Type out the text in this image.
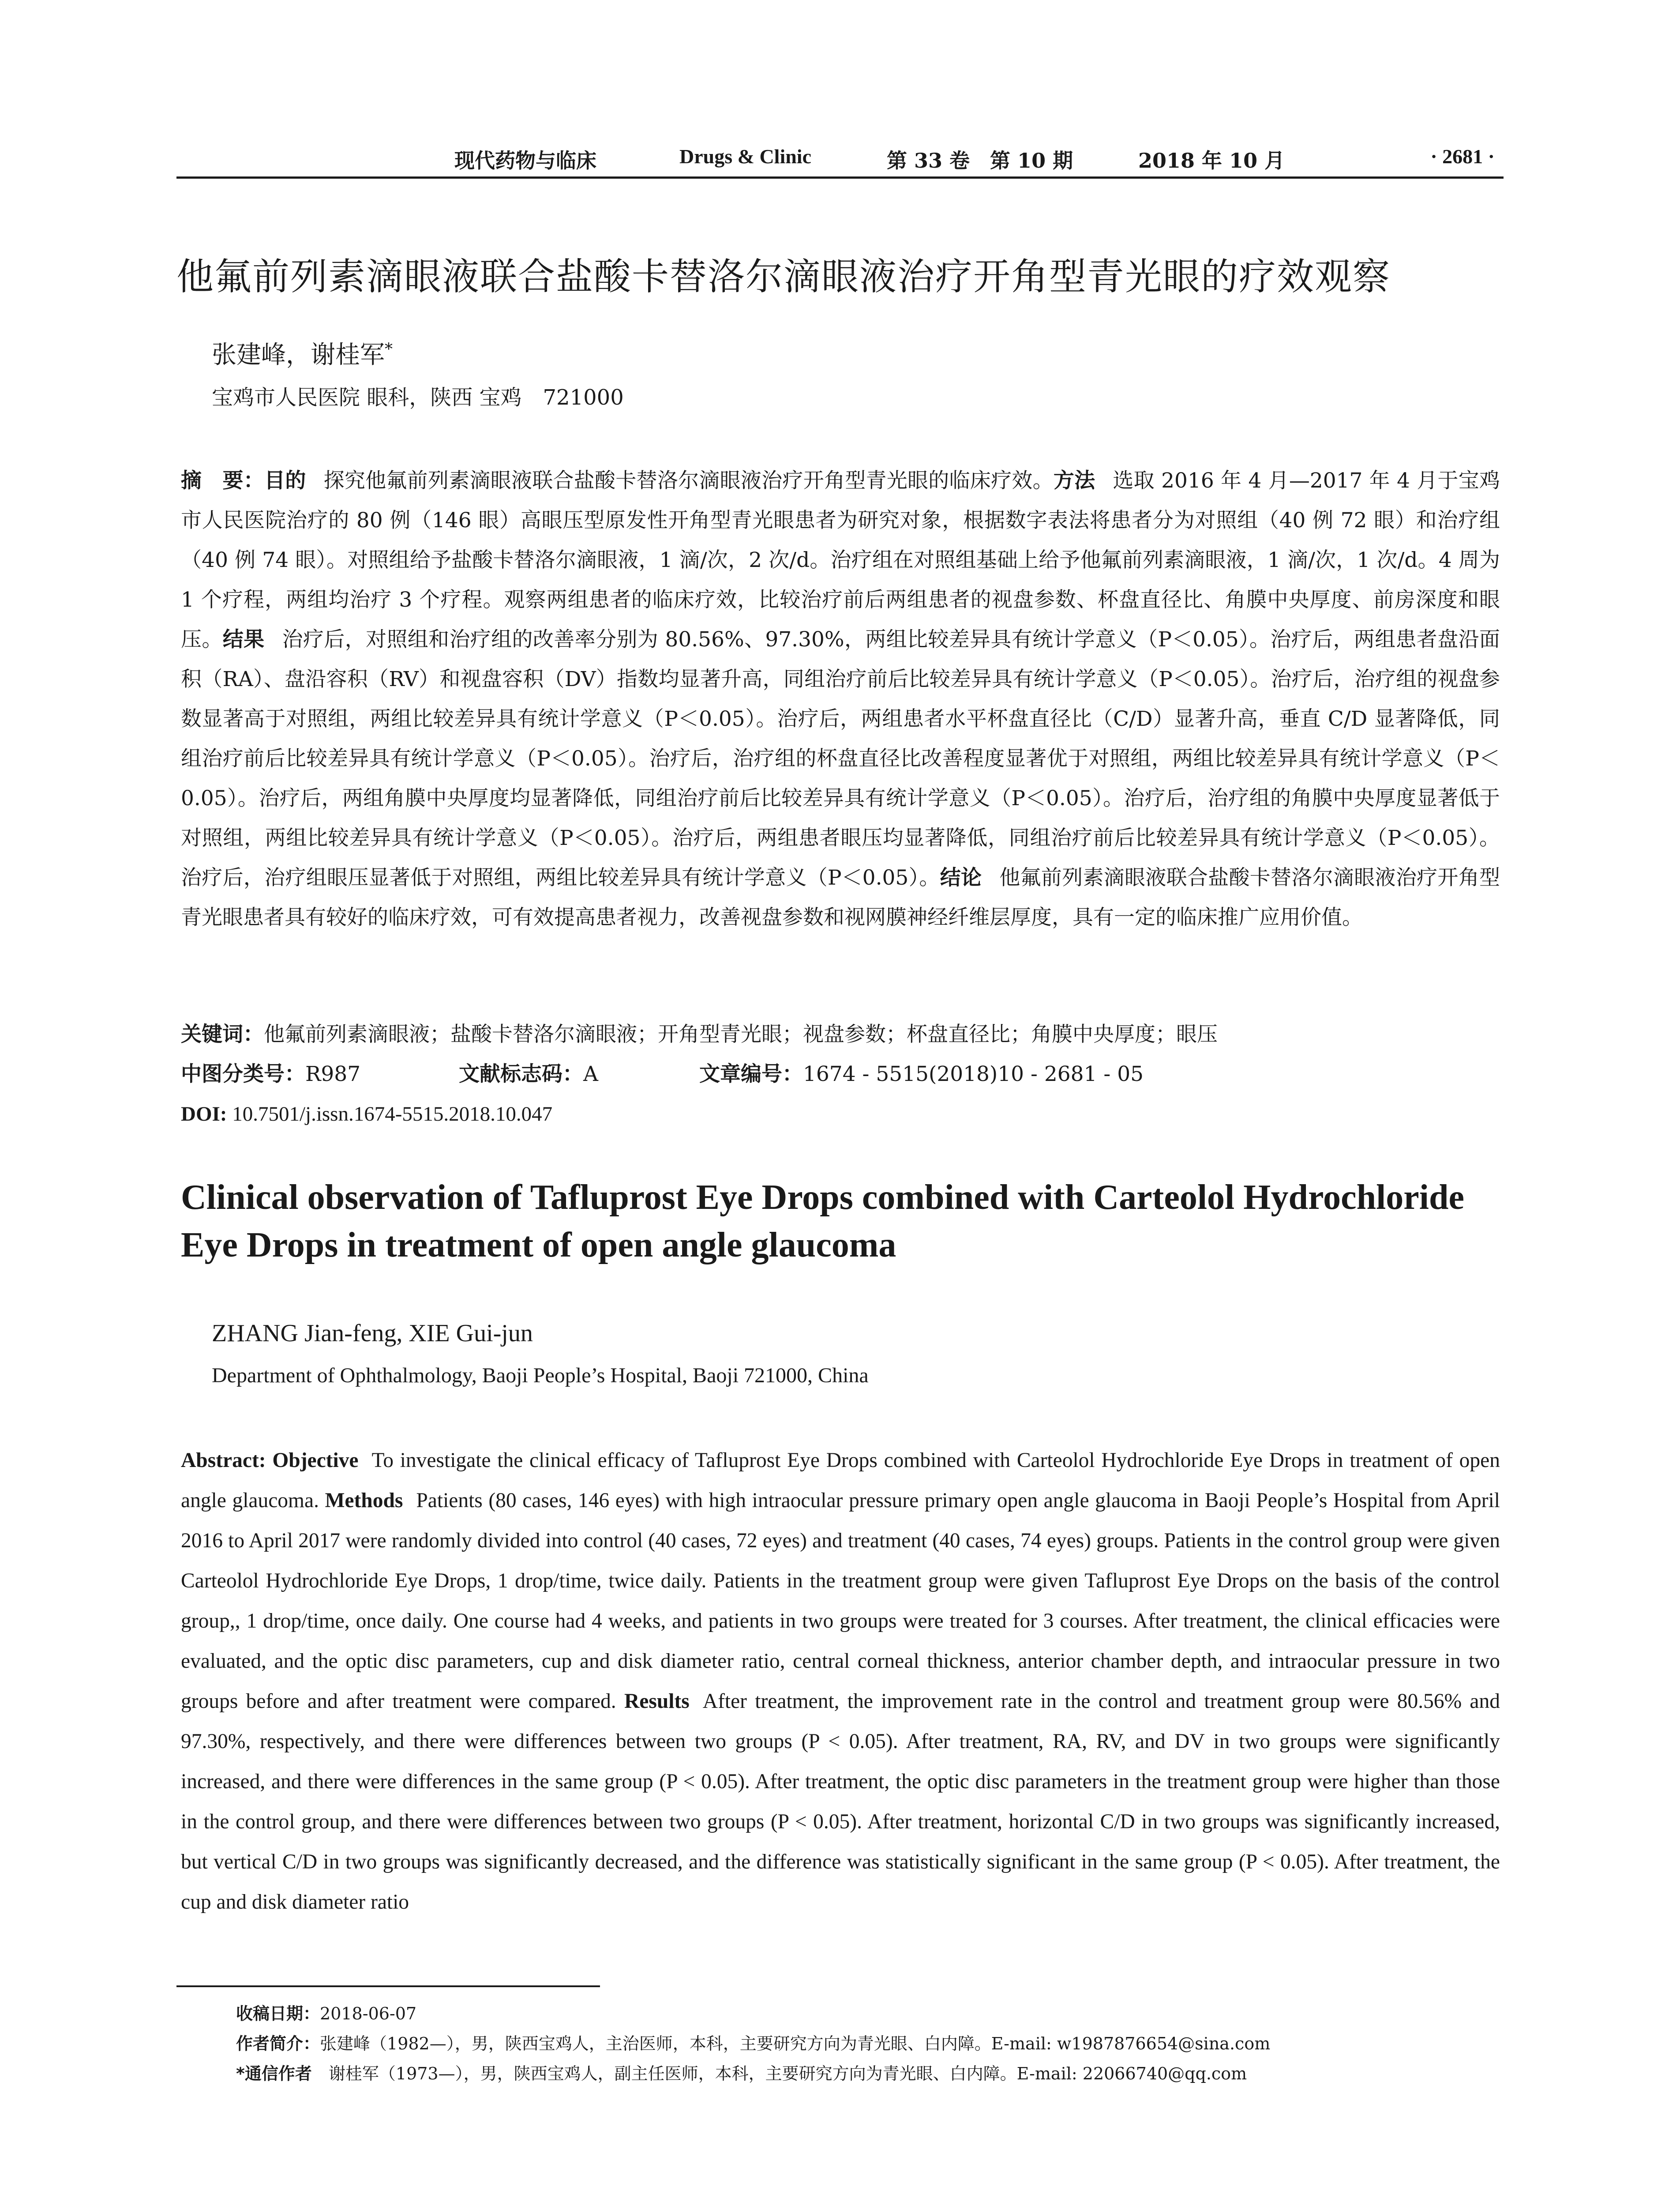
现代药物与临床	Drugs & Clinic	第 33 卷　第 10 期	2018 年 10 月	· 2681 ·
他氟前列素滴眼液联合盐酸卡替洛尔滴眼液治疗开角型青光眼的疗效观察
张建峰，谢桂军*
宝鸡市人民医院 眼科，陕西 宝鸡　721000
摘　要：目的 探究他氟前列素滴眼液联合盐酸卡替洛尔滴眼液治疗开角型青光眼的临床疗效。方法 选取 2016 年 4 月—2017 年 4 月于宝鸡市人民医院治疗的 80 例（146 眼）高眼压型原发性开角型青光眼患者为研究对象，根据数字表法将患者分为对照组（40 例 72 眼）和治疗组（40 例 74 眼）。对照组给予盐酸卡替洛尔滴眼液，1 滴/次，2 次/d。治疗组在对照组基础上给予他氟前列素滴眼液，1 滴/次，1 次/d。4 周为 1 个疗程，两组均治疗 3 个疗程。观察两组患者的临床疗效，比较治疗前后两组患者的视盘参数、杯盘直径比、角膜中央厚度、前房深度和眼压。结果 治疗后，对照组和治疗组的改善率分别为 80.56%、97.30%，两组比较差异具有统计学意义（P＜0.05）。治疗后，两组患者盘沿面积（RA）、盘沿容积（RV）和视盘容积（DV）指数均显著升高，同组治疗前后比较差异具有统计学意义（P＜0.05）。治疗后，治疗组的视盘参数显著高于对照组，两组比较差异具有统计学意义（P＜0.05）。治疗后，两组患者水平杯盘直径比（C/D）显著升高，垂直 C/D 显著降低，同组治疗前后比较差异具有统计学意义（P＜0.05）。治疗后，治疗组的杯盘直径比改善程度显著优于对照组，两组比较差异具有统计学意义（P＜0.05）。治疗后，两组角膜中央厚度均显著降低，同组治疗前后比较差异具有统计学意义（P＜0.05）。治疗后，治疗组的角膜中央厚度显著低于对照组，两组比较差异具有统计学意义（P＜0.05）。治疗后，两组患者眼压均显著降低，同组治疗前后比较差异具有统计学意义（P＜0.05）。治疗后，治疗组眼压显著低于对照组，两组比较差异具有统计学意义（P＜0.05）。结论 他氟前列素滴眼液联合盐酸卡替洛尔滴眼液治疗开角型青光眼患者具有较好的临床疗效，可有效提高患者视力，改善视盘参数和视网膜神经纤维层厚度，具有一定的临床推广应用价值。
关键词：他氟前列素滴眼液；盐酸卡替洛尔滴眼液；开角型青光眼；视盘参数；杯盘直径比；角膜中央厚度；眼压
中图分类号：R987	文献标志码：A	文章编号：1674 - 5515(2018)10 - 2681 - 05
DOI: 10.7501/j.issn.1674-5515.2018.10.047
Clinical observation of Tafluprost Eye Drops combined with Carteolol Hydrochloride Eye Drops in treatment of open angle glaucoma
ZHANG Jian-feng, XIE Gui-jun
Department of Ophthalmology, Baoji People’s Hospital, Baoji 721000, China
Abstract: Objective To investigate the clinical efficacy of Tafluprost Eye Drops combined with Carteolol Hydrochloride Eye Drops in treatment of open angle glaucoma. Methods Patients (80 cases, 146 eyes) with high intraocular pressure primary open angle glaucoma in Baoji People’s Hospital from April 2016 to April 2017 were randomly divided into control (40 cases, 72 eyes) and treatment (40 cases, 74 eyes) groups. Patients in the control group were given Carteolol Hydrochloride Eye Drops, 1 drop/time, twice daily. Patients in the treatment group were given Tafluprost Eye Drops on the basis of the control group,, 1 drop/time, once daily. One course had 4 weeks, and patients in two groups were treated for 3 courses. After treatment, the clinical efficacies were evaluated, and the optic disc parameters, cup and disk diameter ratio, central corneal thickness, anterior chamber depth, and intraocular pressure in two groups before and after treatment were compared. Results After treatment, the improvement rate in the control and treatment group were 80.56% and 97.30%, respectively, and there were differences between two groups (P < 0.05). After treatment, RA, RV, and DV in two groups were significantly increased, and there were differences in the same group (P < 0.05). After treatment, the optic disc parameters in the treatment group were higher than those in the control group, and there were differences between two groups (P < 0.05). After treatment, horizontal C/D in two groups was significantly increased, but vertical C/D in two groups was significantly decreased, and the difference was statistically significant in the same group (P < 0.05). After treatment, the cup and disk diameter ratio
收稿日期：2018-06-07
作者简介：张建峰（1982—），男，陕西宝鸡人，主治医师，本科，主要研究方向为青光眼、白内障。E-mail: w1987876654@sina.com
*通信作者　 谢桂军（1973—），男，陕西宝鸡人，副主任医师，本科，主要研究方向为青光眼、白内障。E-mail: 22066740@qq.com
